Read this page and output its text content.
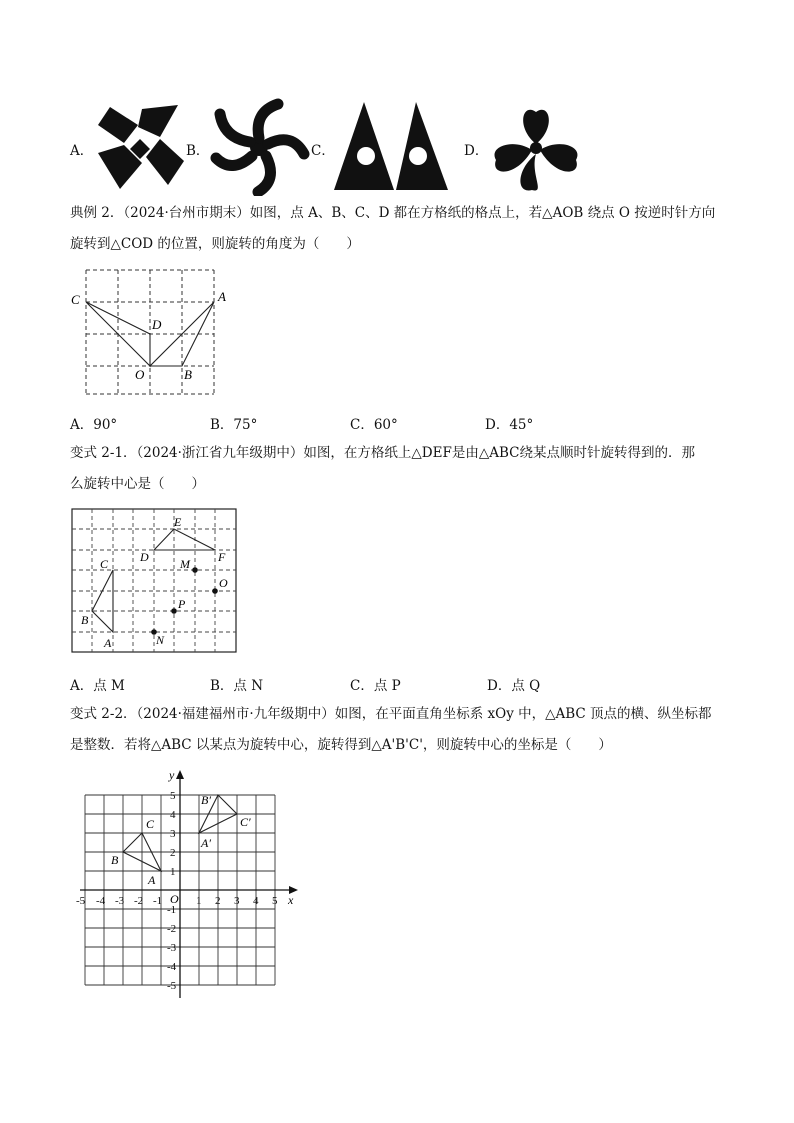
A．	B．	C．	D．
典例 2．（2024·台州市期末）如图，点 A、B、C、D 都在方格纸的格点上，若△AOB 绕点 O 按逆时针方向
旋转到△COD 的位置，则旋转的角度为（　　）
C	A
D
O	B
A．90°	B．75°	C．60°	D．45°
变式 2-1．（2024·浙江省九年级期中）如图，在方格纸上△DEF是由△ABC绕某点顺时针旋转得到的．那
么旋转中心是（　　）
E
D	F
C	M
O
P
B
A	N
A．点 M	B．点 N	C．点 P	D．点 Q
变式 2-2．（2024·福建福州市·九年级期中）如图，在平面直角坐标系 xOy 中，△ABC 顶点的横、纵坐标都
是整数．若将△ABC 以某点为旋转中心，旋转得到△A'B'C'，则旋转中心的坐标是（　　）
y
x
O
A
B
C
A′
B′
C′
-5 -4 -3 -2 -1	1 2 3 4 5
5
4
3
2
1
-1
-2
-3
-4
-5
